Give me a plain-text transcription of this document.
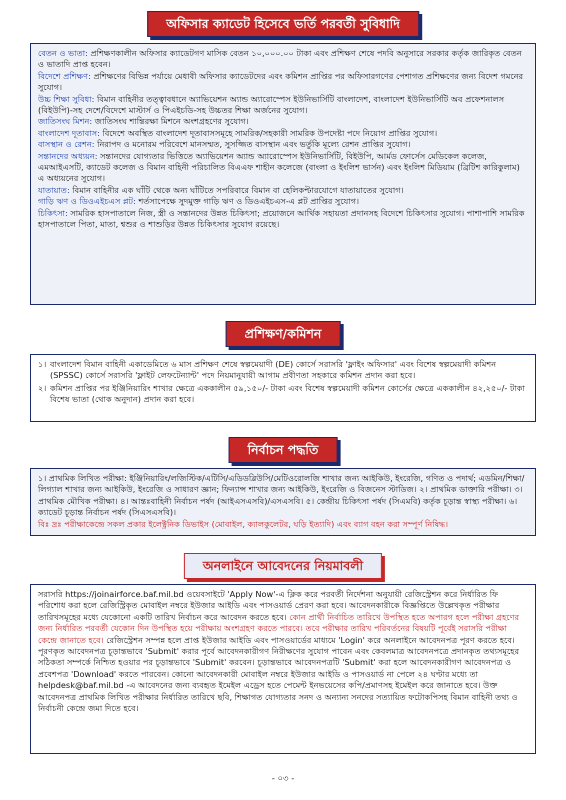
অফিসার ক্যাডেট হিসেবে ভর্তি পরবর্তী সুবিধাদি

বেতন ও ভাতা: প্রশিক্ষণকালীন অফিসার ক্যাডেটগণ মাসিক বেতন ১০,০০০.০০ টাকা এবং প্রশিক্ষণ শেষে পদবি অনুসারে সরকার কর্তৃক জারিকৃত বেতন ও ভাতাদি প্রাপ্ত হবেন।

বিদেশে প্রশিক্ষণ: প্রশিক্ষণের বিভিন্ন পর্যায়ে মেধাবী অফিসার ক্যাডেটদের এবং কমিশন প্রাপ্তির পর অফিসারগণের পেশাগত প্রশিক্ষণের জন্য বিদেশ গমনের সুযোগ।

উচ্চ শিক্ষা সুবিধা: বিমান বাহিনীর তত্ত্বাবধানে অ্যাভিয়েশন অ্যান্ড অ্যারোস্পেস ইউনিভার্সিটি বাংলাদেশ, বাংলাদেশ ইউনিভার্সিটি অব প্রফেশনালস (বিইউপি)-সহ দেশে/বিদেশে মাস্টার্স ও পিএইচডি-সহ উচ্চতর শিক্ষা অর্জনের সুযোগ।

জাতিসংঘ মিশন: জাতিসংঘ শান্তিরক্ষা মিশনে অংশগ্রহণের সুযোগ।

বাংলাদেশ দূতাবাস: বিদেশে অবস্থিত বাংলাদেশ দূতাবাসসমূহে সামরিক/সহকারী সামরিক উপদেষ্টা পদে নিয়োগ প্রাপ্তির সুযোগ।

বাসস্থান ও রেশন: নিরাপদ ও মনোরম পরিবেশে মানসম্মত, সুসজ্জিত বাসস্থান এবং ভর্তুকি মূল্যে রেশন প্রাপ্তির সুযোগ।

সন্তানদের অধ্যয়ন: সন্তানদের যোগ্যতার ভিত্তিতে অ্যাভিয়েশন অ্যান্ড অ্যারোস্পেস ইউনিভার্সিটি, বিইউপি, আর্মড ফোর্সেস মেডিকেল কলেজ, এমআইএসটি, ক্যাডেট কলেজ ও বিমান বাহিনী পরিচালিত বিএএফ শাহীন কলেজে (বাংলা ও ইংলিশ ভার্সন) এবং ইংলিশ মিডিয়াম (ব্রিটিশ কারিকুলাম) এ অধ্যয়নের সুযোগ।

যাতায়াত: বিমান বাহিনীর এক ঘাঁটি থেকে অন্য ঘাঁটিতে সপরিবারে বিমান বা হেলিকপ্টারযোগে যাতায়াতের সুযোগ।

গাড়ি ঋণ ও ডিওএইচএস প্লট: শর্তসাপেক্ষে সুদমুক্ত গাড়ি ঋণ ও ডিওএইচএস-এ প্লট প্রাপ্তির সুযোগ।

চিকিৎসা: সামরিক হাসপাতালে নিজ, স্ত্রী ও সন্তানদের উন্নত চিকিৎসা; প্রয়োজনে আর্থিক সহায়তা প্রদানসহ বিদেশে চিকিৎসার সুযোগ। পাশাপাশি সামরিক হাসপাতালে পিতা, মাতা, শ্বশুর ও শাশুড়ির উন্নত চিকিৎসার সুযোগ রয়েছে।

প্রশিক্ষণ/কমিশন
১। বাংলাদেশ বিমান বাহিনী একাডেমিতে ৬ মাস প্রশিক্ষণ শেষে স্বল্পমেয়াদী (DE) কোর্সে সরাসরি 'ফ্লাইং অফিসার' এবং বিশেষ স্বল্পমেয়াদী কমিশন (SPSSC) কোর্সে সরাসরি 'ফ্লাইট লেফটেন্যান্ট' পদে নিয়মানুযায়ী আগাম প্রবীণতা সহকারে কমিশন প্রদান করা হবে।
২। কমিশন প্রাপ্তির পর ইঞ্জিনিয়ারিং শাখার ক্ষেত্রে এককালীন ৫৯,১৫০/- টাকা এবং বিশেষ স্বল্পমেয়াদী কমিশন কোর্সের ক্ষেত্রে এককালীন ৪২,২৫০/- টাকা বিশেষ ভাতা (থোক অনুদান) প্রদান করা হবে।
নির্বাচন পদ্ধতি

১। প্রাথমিক লিখিত পরীক্ষা: ইঞ্জিনিয়ারিং/লজিস্টিক/এটিসি/এডিডব্লিউসি/মেটিওরোলজি শাখার জন্য আইকিউ, ইংরেজি, গণিত ও পদার্থ; এডমিন/শিক্ষা/লিগ্যাল শাখার জন্য আইকিউ, ইংরেজি ও সাধারণ জ্ঞান; ফিন্যান্স শাখার জন্য আইকিউ, ইংরেজি ও বিজনেস স্টাডিজ। ২। প্রাথমিক ডাক্তারি পরীক্ষা। ৩। প্রাথমিক মৌখিক পরীক্ষা। ৪। আন্তঃবাহিনী নির্বাচন পর্ষদ (আইএসএসবি)/এসএসবি। ৫। কেন্দ্রীয় চিকিৎসা পর্ষদ (সিএমবি) কর্তৃক চূড়ান্ত স্বাস্থ্য পরীক্ষা। ৬। ক্যাডেট চূড়ান্ত নির্বাচন পর্ষদ (সিএসএসবি)।

বিঃ দ্রঃ পরীক্ষাকেন্দ্রে সকল প্রকার ইলেক্ট্রনিক ডিভাইস (মোবাইল, ক্যালকুলেটর, ঘড়ি ইত্যাদি) এবং ব্যাগ বহন করা সম্পূর্ণ নিষিদ্ধ।

অনলাইনে আবেদনের নিয়মাবলী

সরাসরি https://joinairforce.baf.mil.bd ওয়েবসাইটে 'Apply Now'-এ ক্লিক করে পরবর্তী নির্দেশনা অনুযায়ী রেজিস্ট্রেশন করে নির্ধারিত ফি পরিশোধ করা হলে রেজিস্ট্রিকৃত মোবাইল নম্বরে ইউজার আইডি এবং পাসওয়ার্ড প্রেরণ করা হবে। আবেদনকারীকে বিজ্ঞপ্তিতে উল্লেখকৃত পরীক্ষার তারিখসমূহের মধ্যে যেকোনো একটি তারিখ নির্বাচন করে আবেদন করতে হবে। কোন প্রার্থী নির্বাচিত তারিখে উপস্থিত হতে অপারগ হলে পরীক্ষা গ্রহণের জন্য নির্ধারিত পরবর্তী যেকোন দিন উপস্থিত হয়ে পরীক্ষায় অংশগ্রহণ করতে পারবে। তবে পরীক্ষার তারিখ পরিবর্তনের বিষয়টি পূর্বেই সরাসরি পরীক্ষা কেন্দ্রে জানাতে হবে। রেজিস্ট্রেশন সম্পন্ন হলে প্রাপ্ত ইউজার আইডি এবং পাসওয়ার্ডের মাধ্যমে 'Login' করে অনলাইনে আবেদনপত্র পূরণ করতে হবে। পূরণকৃত আবেদনপত্র চূড়ান্তভাবে 'Submit' করার পূর্বে আবেদনকারীগণ নিরীক্ষণের সুযোগ পাবেন এবং কেবলমাত্র আবেদনপত্রে প্রদানকৃত তথ্যসমূহের সঠিকতা সম্পর্কে নিশ্চিত হওয়ার পর চূড়ান্তভাবে 'Submit' করবেন। চূড়ান্তভাবে আবেদনপত্রটি 'Submit' করা হলে আবেদনকারীগণ আবেদনপত্র ও প্রবেশপত্র 'Download' করতে পারবেন। কোনো আবেদনকারী মোবাইল নম্বরে ইউজার আইডি ও পাসওয়ার্ড না পেলে ২৪ ঘণ্টার মধ্যে তা helpdesk@baf.mil.bd -এ আবেদনের জন্য ব্যবহৃত ইমেইল এড্রেস হতে পেমেন্ট ইনভয়েসের কপি/প্রমাণসহ ইমেইল করে জানাতে হবে। উক্ত আবেদনপত্র প্রাথমিক লিখিত পরীক্ষার নির্ধারিত তারিখে ছবি, শিক্ষাগত যোগ্যতার সনদ ও অন্যান্য সনদের সত্যায়িত ফটোকপিসহ বিমান বাহিনী তথ্য ও নির্বাচনী কেন্দ্রে জমা দিতে হবে।

- ০৩ -
